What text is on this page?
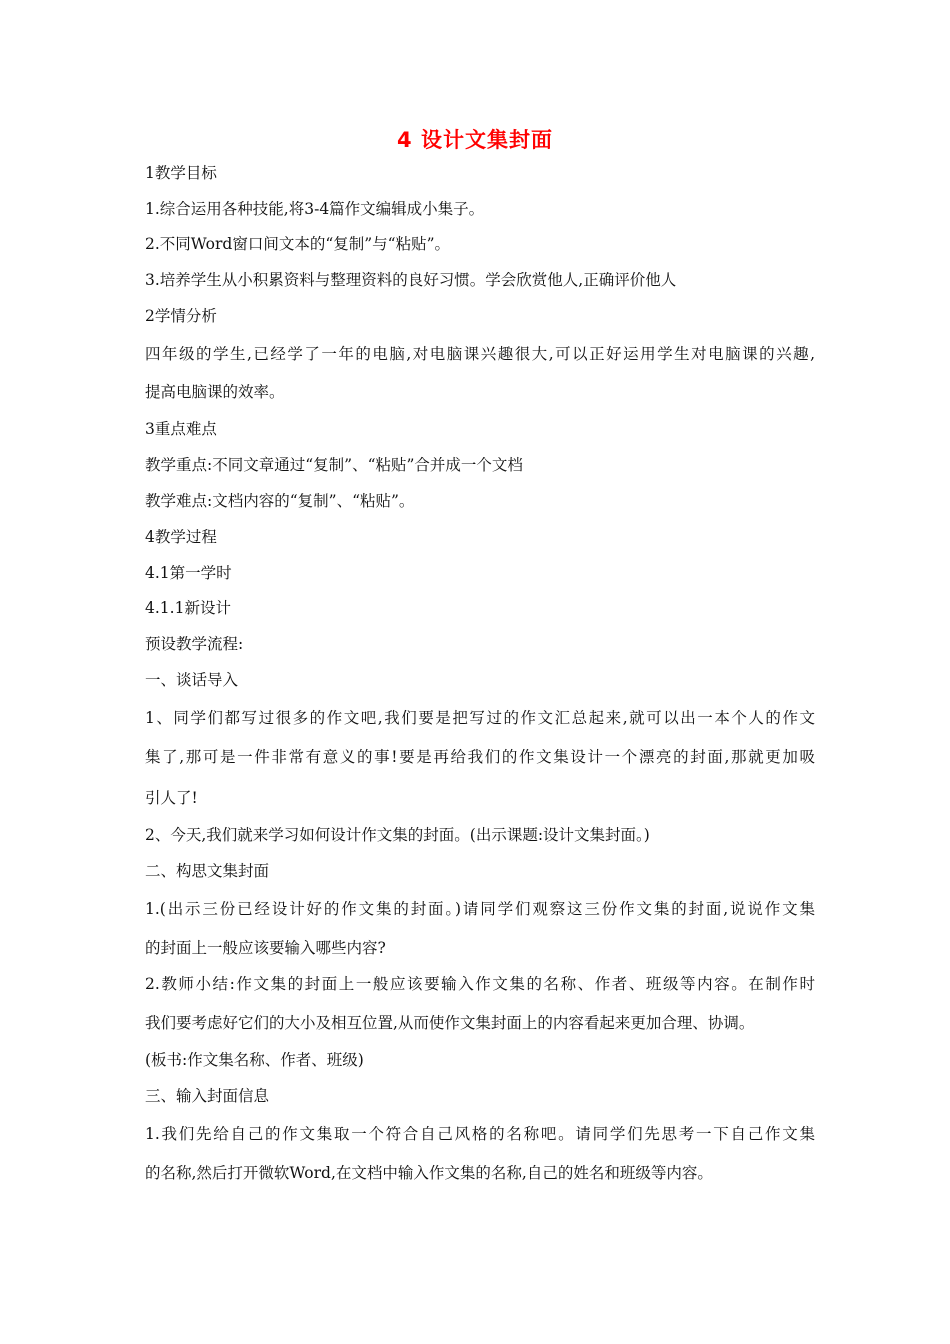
4 设计文集封面
1教学目标
1.综合运用各种技能,将3-4篇作文编辑成小集子。
2.不同Word窗口间文本的“复制”与“粘贴”。
3.培养学生从小积累资料与整理资料的良好习惯。学会欣赏他人,正确评价他人
2学情分析
四年级的学生,已经学了一年的电脑,对电脑课兴趣很大,可以正好运用学生对电脑课的兴趣,
提高电脑课的效率。
3重点难点
教学重点:不同文章通过“复制”、“粘贴”合并成一个文档
教学难点:文档内容的“复制”、“粘贴”。
4教学过程
4.1第一学时
4.1.1新设计
预设教学流程:
一、谈话导入
1、同学们都写过很多的作文吧,我们要是把写过的作文汇总起来,就可以出一本个人的作文
集了,那可是一件非常有意义的事!要是再给我们的作文集设计一个漂亮的封面,那就更加吸
引人了!
2、今天,我们就来学习如何设计作文集的封面。(出示课题:设计文集封面。)
二、构思文集封面
1.(出示三份已经设计好的作文集的封面。)请同学们观察这三份作文集的封面,说说作文集
的封面上一般应该要输入哪些内容?
2.教师小结:作文集的封面上一般应该要输入作文集的名称、作者、班级等内容。在制作时
我们要考虑好它们的大小及相互位置,从而使作文集封面上的内容看起来更加合理、协调。
(板书:作文集名称、作者、班级)
三、输入封面信息
1.我们先给自己的作文集取一个符合自己风格的名称吧。请同学们先思考一下自己作文集
的名称,然后打开微软Word,在文档中输入作文集的名称,自己的姓名和班级等内容。
